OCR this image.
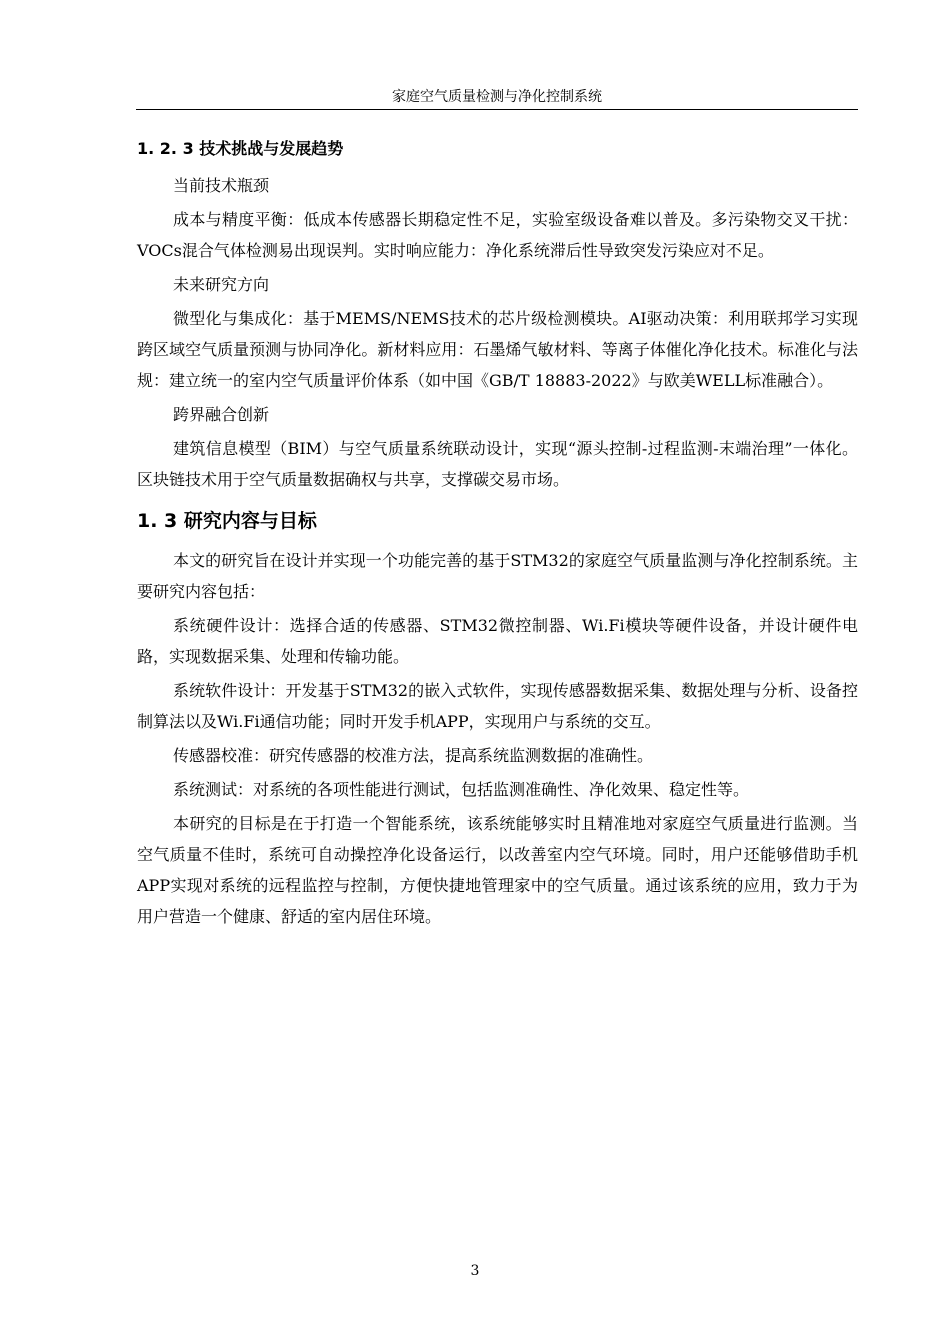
家庭空气质量检测与净化控制系统
1. 2. 3 技术挑战与发展趋势

当前技术瓶颈

成本与精度平衡：低成本传感器长期稳定性不足，实验室级设备难以普及。多污染物交叉干扰：VOCs混合气体检测易出现误判。实时响应能力：净化系统滞后性导致突发污染应对不足。

未来研究方向

微型化与集成化：基于MEMS/NEMS技术的芯片级检测模块。AI驱动决策：利用联邦学习实现跨区域空气质量预测与协同净化。新材料应用：石墨烯气敏材料、等离子体催化净化技术。标准化与法规：建立统一的室内空气质量评价体系（如中国《GB/T 18883-2022》与欧美WELL标准融合）。

跨界融合创新

建筑信息模型（BIM）与空气质量系统联动设计，实现“源头控制-过程监测-末端治理”一体化。区块链技术用于空气质量数据确权与共享，支撑碳交易市场。

1. 3 研究内容与目标

本文的研究旨在设计并实现一个功能完善的基于STM32的家庭空气质量监测与净化控制系统。主要研究内容包括：

系统硬件设计：选择合适的传感器、STM32微控制器、Wi.Fi模块等硬件设备，并设计硬件电路，实现数据采集、处理和传输功能。

系统软件设计：开发基于STM32的嵌入式软件，实现传感器数据采集、数据处理与分析、设备控制算法以及Wi.Fi通信功能；同时开发手机APP，实现用户与系统的交互。

传感器校准：研究传感器的校准方法，提高系统监测数据的准确性。

系统测试：对系统的各项性能进行测试，包括监测准确性、净化效果、稳定性等。

本研究的目标是在于打造一个智能系统，该系统能够实时且精准地对家庭空气质量进行监测。当空气质量不佳时，系统可自动操控净化设备运行，以改善室内空气环境。同时，用户还能够借助手机APP实现对系统的远程监控与控制，方便快捷地管理家中的空气质量。通过该系统的应用，致力于为用户营造一个健康、舒适的室内居住环境。

3
